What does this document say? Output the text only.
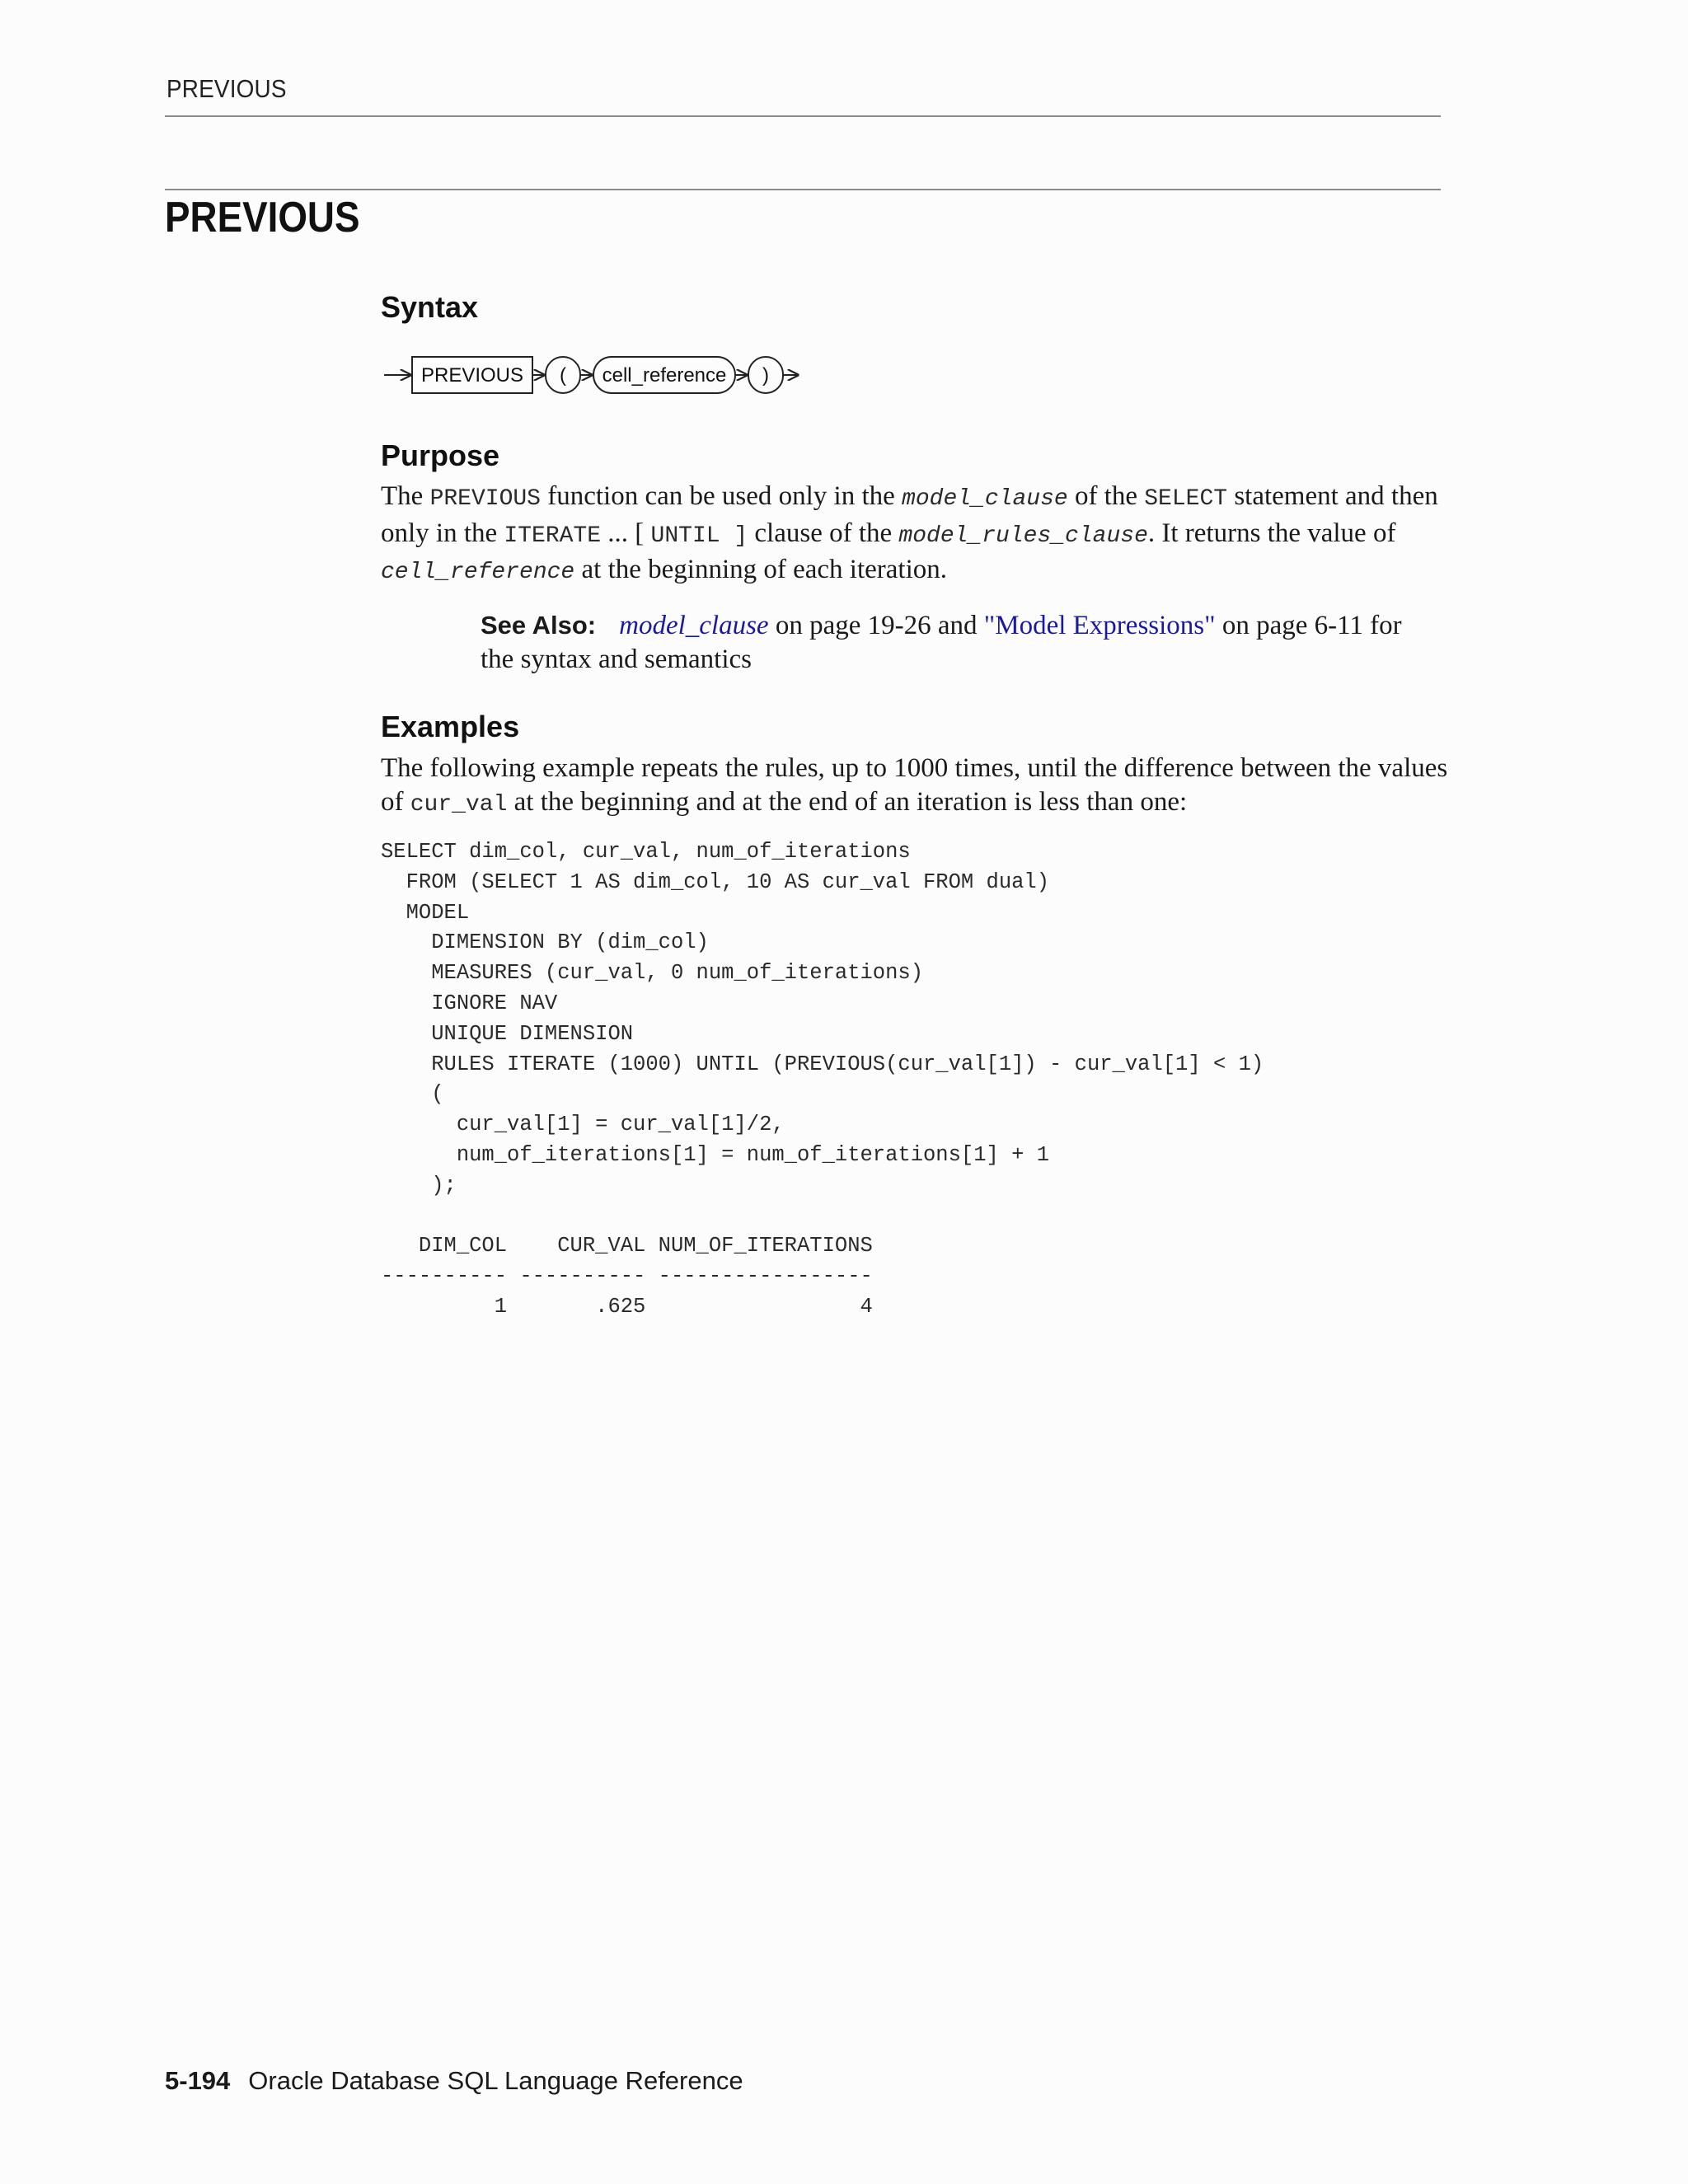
PREVIOUS
PREVIOUS
Syntax
PREVIOUS ( cell_reference )
Purpose

The PREVIOUS function can be used only in the model_clause of the SELECT statement and then only in the ITERATE ... [ UNTIL ] clause of the model_rules_clause. It returns the value of cell_reference at the beginning of each iteration.

See Also: model_clause on page 19-26 and "Model Expressions" on page 6-11 for the syntax and semantics
Examples

The following example repeats the rules, up to 1000 times, until the difference between the values of cur_val at the beginning and at the end of an iteration is less than one:

SELECT dim_col, cur_val, num_of_iterations
FROM (SELECT 1 AS dim_col, 10 AS cur_val FROM dual)
MODEL
DIMENSION BY (dim_col)
MEASURES (cur_val, 0 num_of_iterations)
IGNORE NAV
UNIQUE DIMENSION
RULES ITERATE (1000) UNTIL (PREVIOUS(cur_val[1]) - cur_val[1] < 1)
(
cur_val[1] = cur_val[1]/2,
num_of_iterations[1] = num_of_iterations[1] + 1
);

DIM_COL    CUR_VAL NUM_OF_ITERATIONS
---------- ---------- -----------------
1       .625                 4
5-194 Oracle Database SQL Language Reference
